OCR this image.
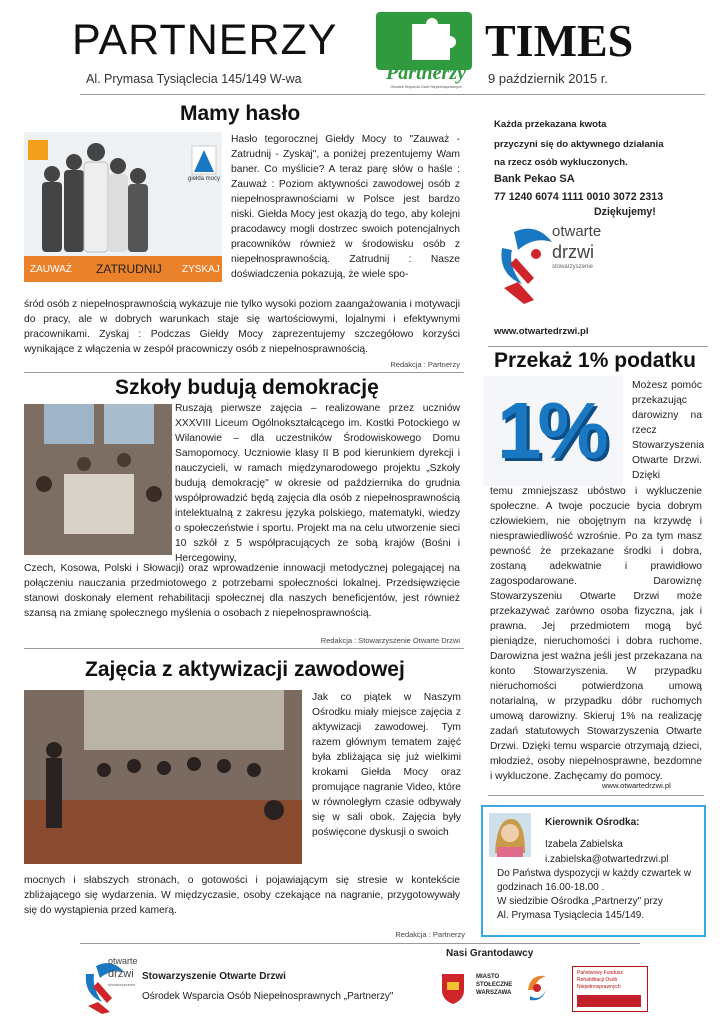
PARTNERZY
Partnerzy
Ośrodek Wsparcia Osób Niepełnosprawnych
TIMES
Al. Prymasa Tysiąclecia 145/149 W-wa	9 październik 2015 r.
Mamy hasło
ZAUWAŻ ZATRUDNIJ ZYSKAJ
giełda mocy
Hasło tegorocznej Giełdy Mocy to "Zauważ - Zatrudnij - Zyskaj", a poniżej prezentujemy Wam baner. Co myślicie? A teraz parę słów o haśle : Zauważ : Poziom aktywności zawodowej osób z niepełnosprawnościami w Polsce jest bardzo niski. Giełda Mocy jest okazją do tego, aby kolejni pracodawcy mogli dostrzec swoich potencjalnych pracowników również w środowisku osób z niepełnosprawnością. Zatrudnij : Nasze doświadczenia pokazują, że wiele spo-
śród osób z niepełnosprawnością wykazuje nie tylko wysoki poziom zaangażowania i motywacji do pracy, ale w dobrych warunkach staje się wartościowymi, lojalnymi i efektywnymi pracownikami. Zyskaj : Podczas Giełdy Mocy zaprezentujemy szczegółowo korzyści wynikające z włączenia w zespół pracowniczy osób z niepełnosprawnością.
Redakcja : Partnerzy
Szkoły budują demokrację
Ruszają pierwsze zajęcia – realizowane przez uczniów XXXVIII Liceum Ogólnokształcącego im. Kostki Potockiego w Wilanowie – dla uczestników Środowiskowego Domu Samopomocy. Uczniowie klasy II B pod kierunkiem dyrekcji i nauczycieli, w ramach międzynarodowego projektu „Szkoły budują demokrację" w okresie od października do grudnia współprowadzić będą zajęcia dla osób z niepełnosprawnością intelektualną z zakresu języka polskiego, matematyki, wiedzy o społeczeństwie i sportu. Projekt ma na celu utworzenie sieci 10 szkół z 5 współpracujących ze sobą krajów (Bośni i Hercegowiny,
Czech, Kosowa, Polski i Słowacji) oraz wprowadzenie innowacji metodycznej polegającej na połączeniu nauczania przedmiotowego z potrzebami społeczności lokalnej. Przedsięwzięcie stanowi doskonały element rehabilitacji społecznej dla naszych beneficjentów, jest również szansą na zmianę społecznego myślenia o osobach z niepełnosprawnością.
Redakcja : Stowarzyszenie Otwarte Drzwi
Zajęcia z aktywizacji zawodowej
Jak co piątek w Naszym Ośrodku miały miejsce zajęcia z aktywizacji zawodowej. Tym razem głównym tematem zajęć była zbliżająca się już wielkimi krokami Giełda Mocy oraz promujące nagranie Video, które w równoległym czasie odbywały się w sali obok. Zajęcia były poświęcone dyskusji o swoich
mocnych i słabszych stronach, o gotowości i pojawiającym się stresie w kontekście zbliżającego się wydarzenia. W międzyczasie, osoby czekające na nagranie, przygotowywały się do wystąpienia przed kamerą.
Redakcja : Partnerzy
Każda przekazana kwota
przyczyni się do aktywnego działania
na rzecz osób wykluczonych.
Bank Pekao SA
77 1240 6074 1111 0010 3072 2313
Dziękujemy!
otwarte
drzwi
stowarzyszenie
www.otwartedrzwi.pl
Przekaż 1% podatku
1%
Możesz pomóc przekazując darowizny na rzecz Stowarzyszenia Otwarte Drzwi. Dzięki
temu zmniejszasz ubóstwo i wykluczenie społeczne. A twoje poczucie bycia dobrym człowiekiem, nie obojętnym na krzywdę i niesprawiedliwość wzrośnie. Po za tym masz pewność że przekazane środki i dobra, zostaną adekwatnie i prawidłowo zagospodarowane. Darowiznę Stowarzyszeniu Otwarte Drzwi może przekazywać zarówno osoba fizyczna, jak i prawna. Jej przedmiotem mogą być pieniądze, nieruchomości i dobra ruchome. Darowizna jest ważna jeśli jest przekazana na konto Stowarzyszenia. W przypadku nieruchomości potwierdzona umową notarialną, w przypadku dóbr ruchomych umową darowizny. Skieruj 1% na realizację zadań statutowych Stowarzyszenia Otwarte Drzwi. Dzięki temu wsparcie otrzymają dzieci, młodzież, osoby niepełnosprawne, bezdomne i wykluczone. Zachęcamy do pomocy.
www.otwartedrzwi.pl
Kierownik Ośrodka:
Izabela Zabielska
i.zabielska@otwartedrzwi.pl
Do Państwa dyspozycji w każdy czwartek w
godzinach 16.00-18.00 .
W siedzibie Ośrodka „Partnerzy" przy
Al. Prymasa Tysiąclecia 145/149.
Nasi Grantodawcy
otwarte
drzwi
stowarzyszenie
Stowarzyszenie Otwarte Drzwi
Ośrodek Wsparcia Osób Niepełnosprawnych „Partnerzy"
MIASTO
STOŁECZNE
WARSZAWA
Państwowy Fundusz
Rehabilitacji Osób
Niepełnosprawnych
